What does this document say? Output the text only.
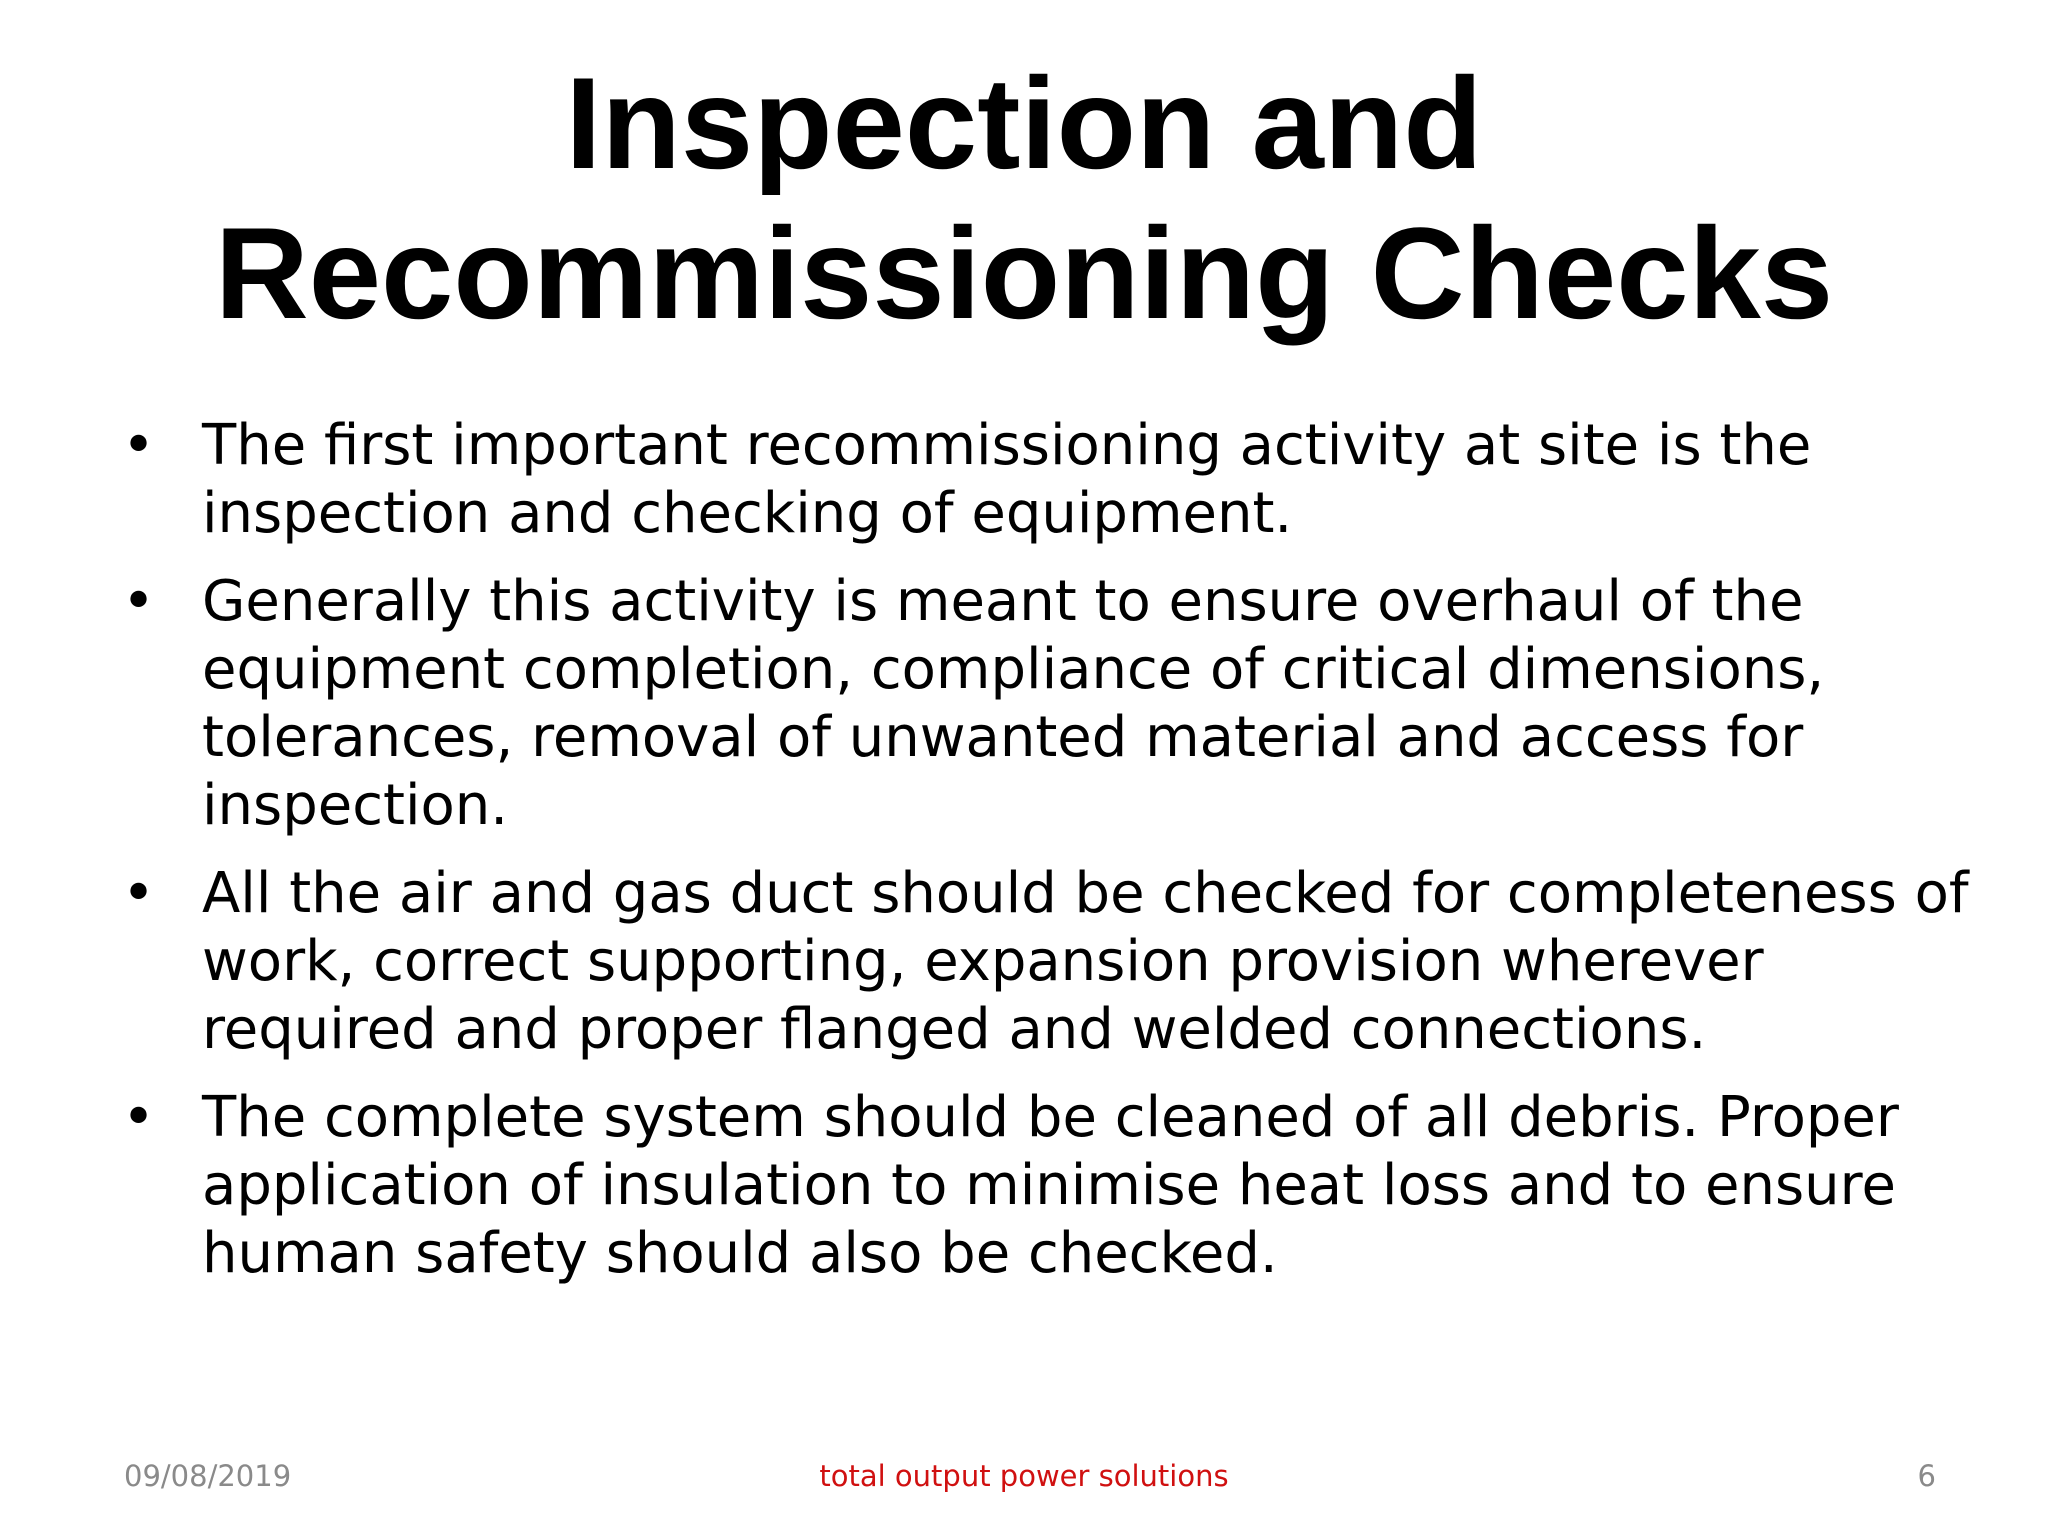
Inspection and
Recommissioning Checks
• The first important recommissioning activity at site is the inspection and checking of equipment.
• Generally this activity is meant to ensure overhaul of the equipment completion, compliance of critical dimensions, tolerances, removal of unwanted material and access for inspection.
• All the air and gas duct should be checked for completeness of work, correct supporting, expansion provision wherever required and proper flanged and welded connections.
• The complete system should be cleaned of all debris. Proper application of insulation to minimise heat loss and to ensure human safety should also be checked.
09/08/2019	total output power solutions	6
